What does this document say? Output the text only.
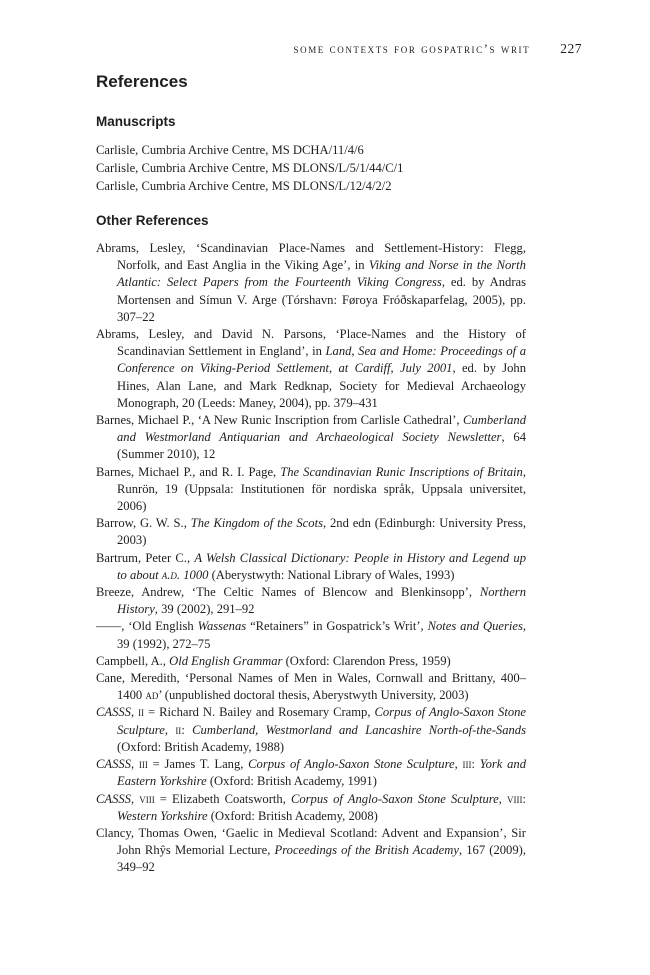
some contexts for gospatric’s writ 227
References
Manuscripts
Carlisle, Cumbria Archive Centre, MS DCHA/11/4/6
Carlisle, Cumbria Archive Centre, MS DLONS/L/5/1/44/C/1
Carlisle, Cumbria Archive Centre, MS DLONS/L/12/4/2/2
Other References
Abrams, Lesley, ‘Scandinavian Place-Names and Settlement-History: Flegg, Norfolk, and East Anglia in the Viking Age’, in Viking and Norse in the North Atlantic: Select Papers from the Fourteenth Viking Congress, ed. by Andras Mortensen and Símun V. Arge (Tórshavn: Føroya Fróðskaparfelag, 2005), pp. 307–22
Abrams, Lesley, and David N. Parsons, ‘Place-Names and the History of Scandinavian Settlement in England’, in Land, Sea and Home: Proceedings of a Conference on Viking-Period Settlement, at Cardiff, July 2001, ed. by John Hines, Alan Lane, and Mark Redknap, Society for Medieval Archaeology Monograph, 20 (Leeds: Maney, 2004), pp. 379–431
Barnes, Michael P., ‘A New Runic Inscription from Carlisle Cathedral’, Cumberland and Westmorland Antiquarian and Archaeological Society Newsletter, 64 (Summer 2010), 12
Barnes, Michael P., and R. I. Page, The Scandinavian Runic Inscriptions of Britain, Runrön, 19 (Uppsala: Institutionen för nordiska språk, Uppsala universitet, 2006)
Barrow, G. W. S., The Kingdom of the Scots, 2nd edn (Edinburgh: University Press, 2003)
Bartrum, Peter C., A Welsh Classical Dictionary: People in History and Legend up to about a.d. 1000 (Aberystwyth: National Library of Wales, 1993)
Breeze, Andrew, ‘The Celtic Names of Blencow and Blenkinsopp’, Northern History, 39 (2002), 291–92
——, ‘Old English Wassenas “Retainers” in Gospatrick’s Writ’, Notes and Queries, 39 (1992), 272–75
Campbell, A., Old English Grammar (Oxford: Clarendon Press, 1959)
Cane, Meredith, ‘Personal Names of Men in Wales, Cornwall and Brittany, 400–1400 ad’ (unpublished doctoral thesis, Aberystwyth University, 2003)
CASSS, ii = Richard N. Bailey and Rosemary Cramp, Corpus of Anglo-Saxon Stone Sculpture, ii: Cumberland, Westmorland and Lancashire North-of-the-Sands (Oxford: British Academy, 1988)
CASSS, iii = James T. Lang, Corpus of Anglo-Saxon Stone Sculpture, iii: York and Eastern Yorkshire (Oxford: British Academy, 1991)
CASSS, viii = Elizabeth Coatsworth, Corpus of Anglo-Saxon Stone Sculpture, viii: Western Yorkshire (Oxford: British Academy, 2008)
Clancy, Thomas Owen, ‘Gaelic in Medieval Scotland: Advent and Expansion’, Sir John Rhŷs Memorial Lecture, Proceedings of the British Academy, 167 (2009), 349–92
